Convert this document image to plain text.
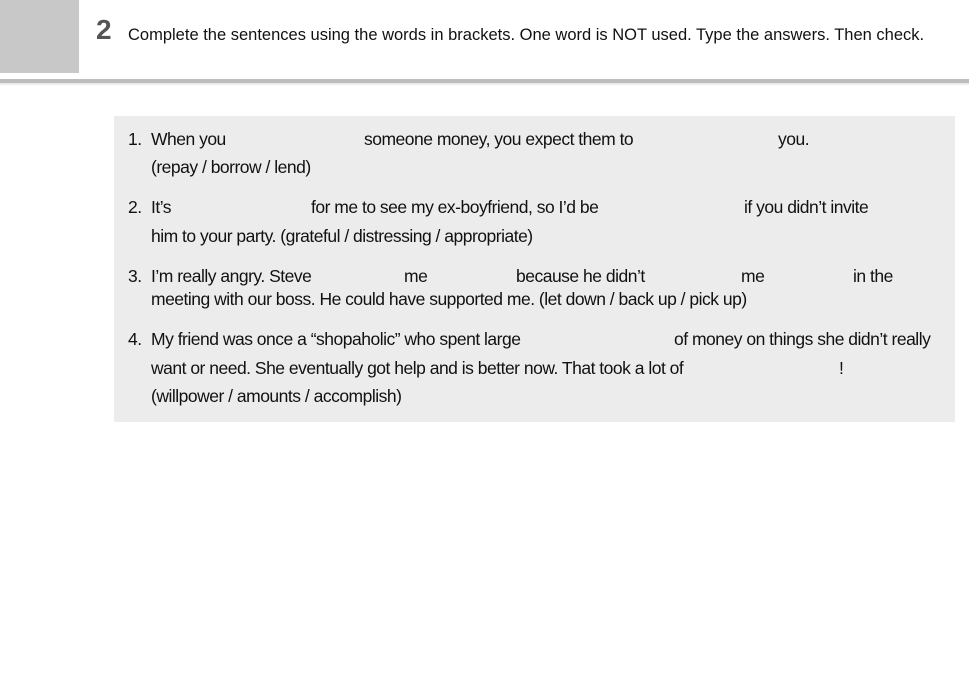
2 Complete the sentences using the words in brackets. One word is NOT used. Type the answers. Then check.
1. When you	someone money, you expect them to	you.
(repay / borrow / lend)
2. It’s	for me to see my ex-boyfriend, so I’d be	if you didn’t invite
him to your party. (grateful / distressing / appropriate)
3. I’m really angry. Steve	me	because he didn’t	me	in the
meeting with our boss. He could have supported me. (let down / back up / pick up)
4. My friend was once a “shopaholic” who spent large	of money on things she didn’t really
want or need. She eventually got help and is better now. That took a lot of	!
(willpower / amounts / accomplish)
